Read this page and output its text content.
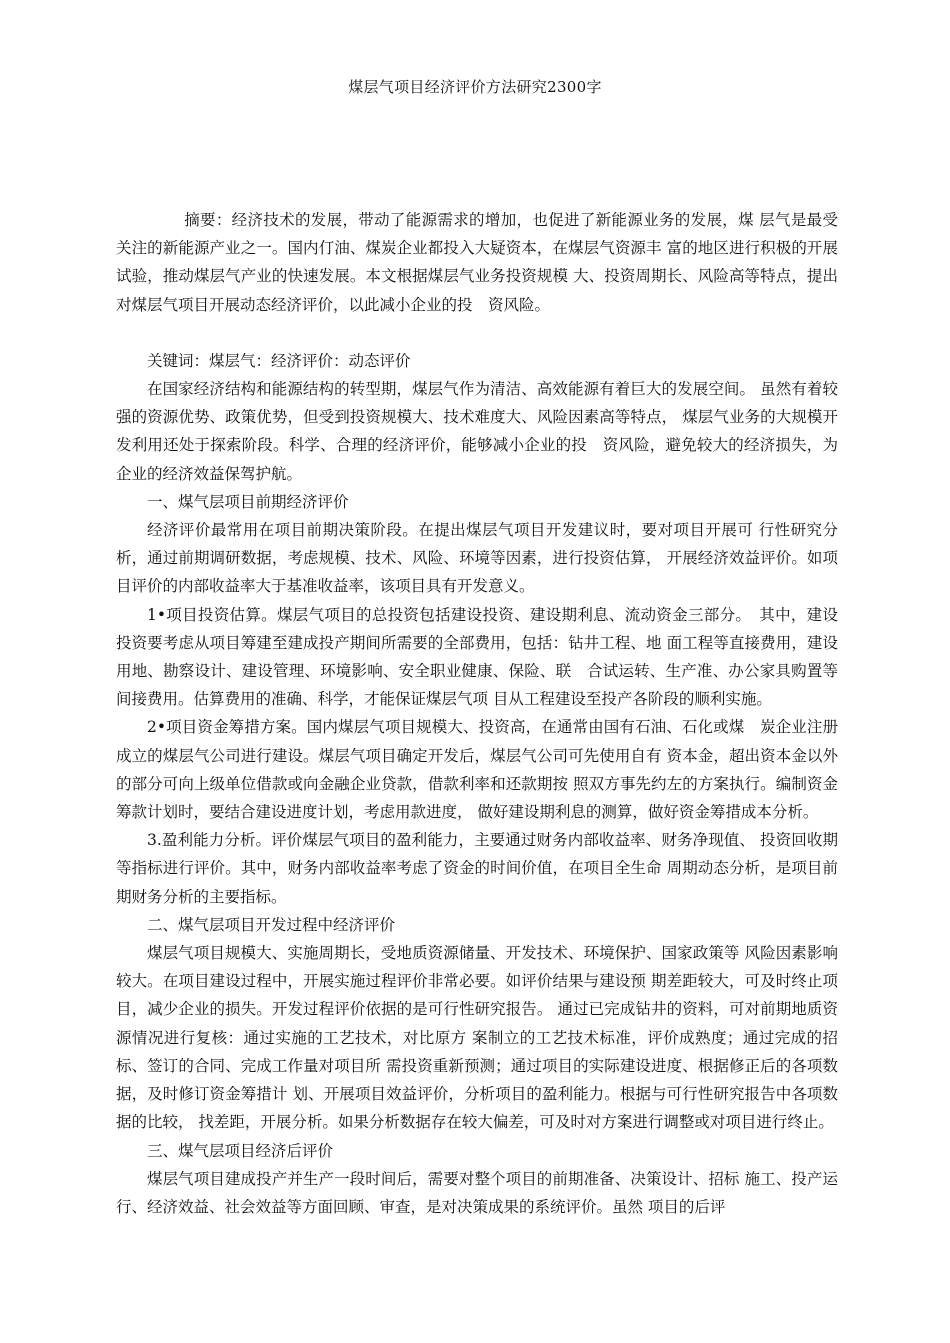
煤层气项目经济评价方法研究2300字

摘要：经济技术的发展，带动了能源需求的增加，也促进了新能源业务的发展，煤 层气是最受关注的新能源产业之一。国内仃油、煤炭企业都投入大疑资本，在煤层气资源丰 富的地区进行积极的开展试验，推动煤层气产业的快速发展。本文根据煤层气业务投资规模 大、投资周期长、风险高等特点，提出对煤层气项目开展动态经济评价，以此减小企业的投　资风险。

关键词：煤层气：经济评价：动态评价

在国家经济结构和能源结构的转型期，煤层气作为清洁、高效能源有着巨大的发展空间。 虽然有着较强的资源优势、政策优势，但受到投资规模大、技术难度大、风险因素高等特点， 煤层气业务的大规模开发利用还处于探索阶段。科学、合理的经济评价，能够减小企业的投　资风险，避免较大的经济损失，为企业的经济效益保驾护航。

一、煤气层项目前期经济评价

经济评价最常用在项目前期决策阶段。在提出煤层气项目开发建议时，要对项目开展可 行性研究分析，通过前期调研数据，考虑规模、技术、风险、环境等因素，进行投资估算， 开展经济效益评价。如项目评价的内部收益率大于基准收益率，该项目具有开发意义。

1•项目投资估算。煤层气项目的总投资包括建设投资、建设期利息、流动资金三部分。　其中，建设投资要考虑从项目筹建至建成投产期间所需要的全部费用，包括：钻井工程、地 面工程等直接费用，建设用地、勘察设计、建设管理、环境影响、安全职业健康、保险、联　合试运转、生产准、办公家具购置等间接费用。估算费用的准确、科学，才能保证煤层气项 目从工程建设至投产各阶段的顺利实施。

2•项目资金筹措方案。国内煤层气项目规模大、投资高，在通常由国有石油、石化或煤　炭企业注册成立的煤层气公司进行建设。煤层气项目确定开发后，煤层气公司可先使用自有 资本金，超出资本金以外的部分可向上级单位借款或向金融企业贷款，借款利率和还款期按 照双方事先约左的方案执行。编制资金筹款计划时，要结合建设进度计划，考虑用款进度， 做好建设期利息的测算，做好资金筹措成本分析。

3.盈利能力分析。评价煤层气项目的盈利能力，主要通过财务内部收益率、财务净现值、 投资回收期等指标进行评价。其中，财务内部收益率考虑了资金的时间价值，在项目全生命 周期动态分析，是项目前期财务分析的主要指标。

二、煤气层项目开发过程中经济评价

煤层气项目规模大、实施周期长，受地质资源储量、开发技术、环境保护、国家政策等 风险因素影响较大。在项目建设过程中，开展实施过程评价非常必要。如评价结果与建设预 期差距较大，可及时终止项目，减少企业的损失。开发过程评价依据的是可行性研究报告。 通过已完成钻井的资料，可对前期地质资源情况进行复核：通过实施的工艺技术，对比原方 案制立的工艺技术标准，评价成熟度；通过完成的招标、签订的合同、完成工作量对项目所 需投资重新预测；通过项目的实际建设进度、根据修正后的各项数据，及时修订资金筹措计 划、开展项目效益评价，分析项目的盈利能力。根据与可行性研究报告中各项数据的比较， 找差距，开展分析。如果分析数据存在较大偏差，可及时对方案进行调整或对项目进行终止。

三、煤气层项目经济后评价

煤层气项目建成投产并生产一段时间后，需要对整个项目的前期准备、决策设计、招标 施工、投产运行、经济效益、社会效益等方面回顾、审查，是对决策成果的系统评价。虽然 项目的后评
